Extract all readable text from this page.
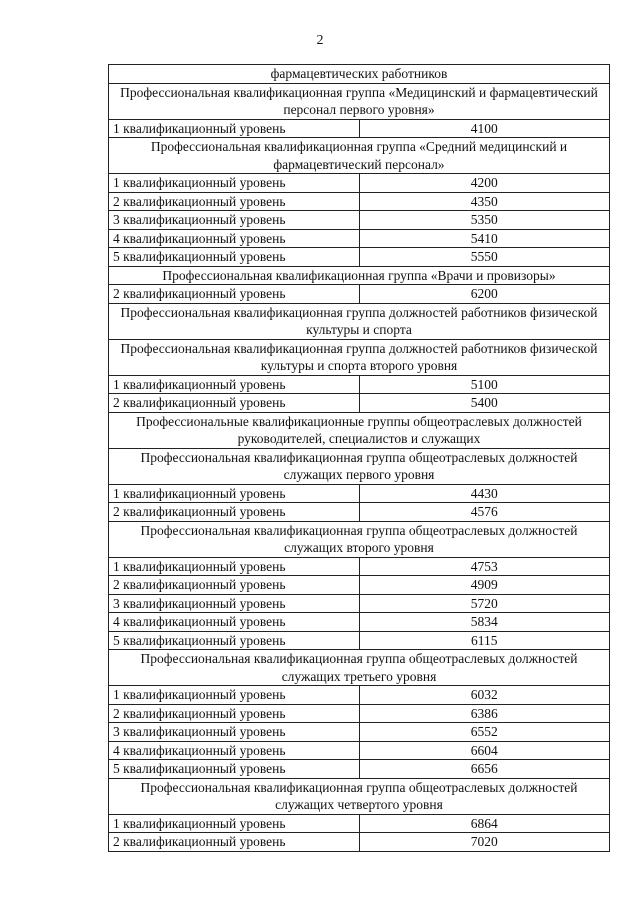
2
фармацевтических работников	
Профессиональная квалификационная группа «Медицинский и фармацевтический персонал первого уровня»	
1 квалификационный уровень	4100
Профессиональная квалификационная группа «Средний медицинский и фармацевтический персонал»	
1 квалификационный уровень	4200
2 квалификационный уровень	4350
3 квалификационный уровень	5350
4 квалификационный уровень	5410
5 квалификационный уровень	5550
Профессиональная квалификационная группа «Врачи и провизоры»	
2 квалификационный уровень	6200
Профессиональная квалификационная группа должностей работников физической культуры и спорта	
Профессиональная квалификационная группа должностей работников физической культуры и спорта второго уровня	
1 квалификационный уровень	5100
2 квалификационный уровень	5400
Профессиональные квалификационные группы общеотраслевых должностей руководителей, специалистов и служащих	
Профессиональная квалификационная группа общеотраслевых должностей служащих первого уровня	
1 квалификационный уровень	4430
2 квалификационный уровень	4576
Профессиональная квалификационная группа общеотраслевых должностей служащих второго уровня	
1 квалификационный уровень	4753
2 квалификационный уровень	4909
3 квалификационный уровень	5720
4 квалификационный уровень	5834
5 квалификационный уровень	6115
Профессиональная квалификационная группа общеотраслевых должностей служащих третьего уровня	
1 квалификационный уровень	6032
2 квалификационный уровень	6386
3 квалификационный уровень	6552
4 квалификационный уровень	6604
5 квалификационный уровень	6656
Профессиональная квалификационная группа общеотраслевых должностей служащих четвертого уровня	
1 квалификационный уровень	6864
2 квалификационный уровень	7020
